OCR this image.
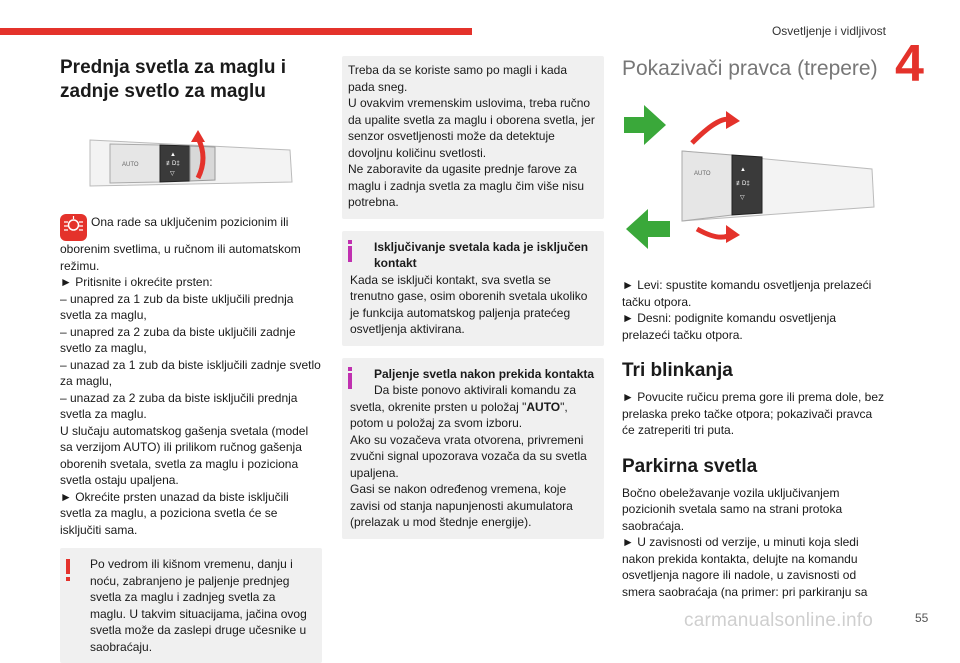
Osvetljenje i vidljivost
4
Prednja svetla za maglu i zadnje svetlo za maglu
▲
≢D‡
▽
AUTO
Ona rade sa uključenim pozicionim ili oborenim svetlima, u ručnom ili automatskom režimu.
► Pritisnite i okrećite prsten:
– unapred za 1 zub da biste uključili prednja svetla za maglu,
– unapred za 2 zuba da biste uključili zadnje svetlo za maglu,
– unazad za 1 zub da biste isključili zadnje svetlo za maglu,
– unazad za 2 zuba da biste isključili prednja svetla za maglu.
U slučaju automatskog gašenja svetala (model sa verzijom AUTO) ili prilikom ručnog gašenja oborenih svetala, svetla za maglu i poziciona svetla ostaju upaljena.
► Okrećite prsten unazad da biste isključili svetla za maglu, a poziciona svetla će se isključiti sama.
Po vedrom ili kišnom vremenu, danju i noću, zabranjeno je paljenje prednjeg svetla za maglu i zadnjeg svetla za maglu. U takvim situacijama, jačina ovog svetla može da zaslepi druge učesnike u saobraćaju.
Treba da se koriste samo po magli i kada pada sneg.
U ovakvim vremenskim uslovima, treba ručno da upalite svetla za maglu i oborena svetla, jer senzor osvetljenosti može da detektuje dovoljnu količinu svetlosti.
Ne zaboravite da ugasite prednje farove za maglu i zadnja svetla za maglu čim više nisu potrebna.
Isključivanje svetala kada je isključen kontakt
Kada se isključi kontakt, sva svetla se trenutno gase, osim oborenih svetala ukoliko je funkcija automatskog paljenja pratećeg osvetljenja aktivirana.
Paljenje svetla nakon prekida kontakta
Da biste ponovo aktivirali komandu za svetla, okrenite prsten u položaj "AUTO", potom u položaj za svom izboru.
Ako su vozačeva vrata otvorena, privremeni zvučni signal upozorava vozača da su svetla upaljena.
Gasi se nakon određenog vremena, koje zavisi od stanja napunjenosti akumulatora (prelazak u mod štednje energije).
Pokazivači pravca (trepere)
▲
≢D‡
▽
AUTO
► Levi: spustite komandu osvetljenja prelazeći tačku otpora.
► Desni: podignite komandu osvetljenja prelazeći tačku otpora.
Tri blinkanja
► Povucite ručicu prema gore ili prema dole, bez prelaska preko tačke otpora; pokazivači pravca će zatreperiti tri puta.
Parkirna svetla
Bočno obeležavanje vozila uključivanjem pozicionih svetala samo na strani protoka saobraćaja.
► U zavisnosti od verzije, u minuti koja sledi nakon prekida kontakta, delujte na komandu osvetljenja nagore ili nadole, u zavisnosti od smera saobraćaja (na primer: pri parkiranju sa
carmanualsonline.info	55
